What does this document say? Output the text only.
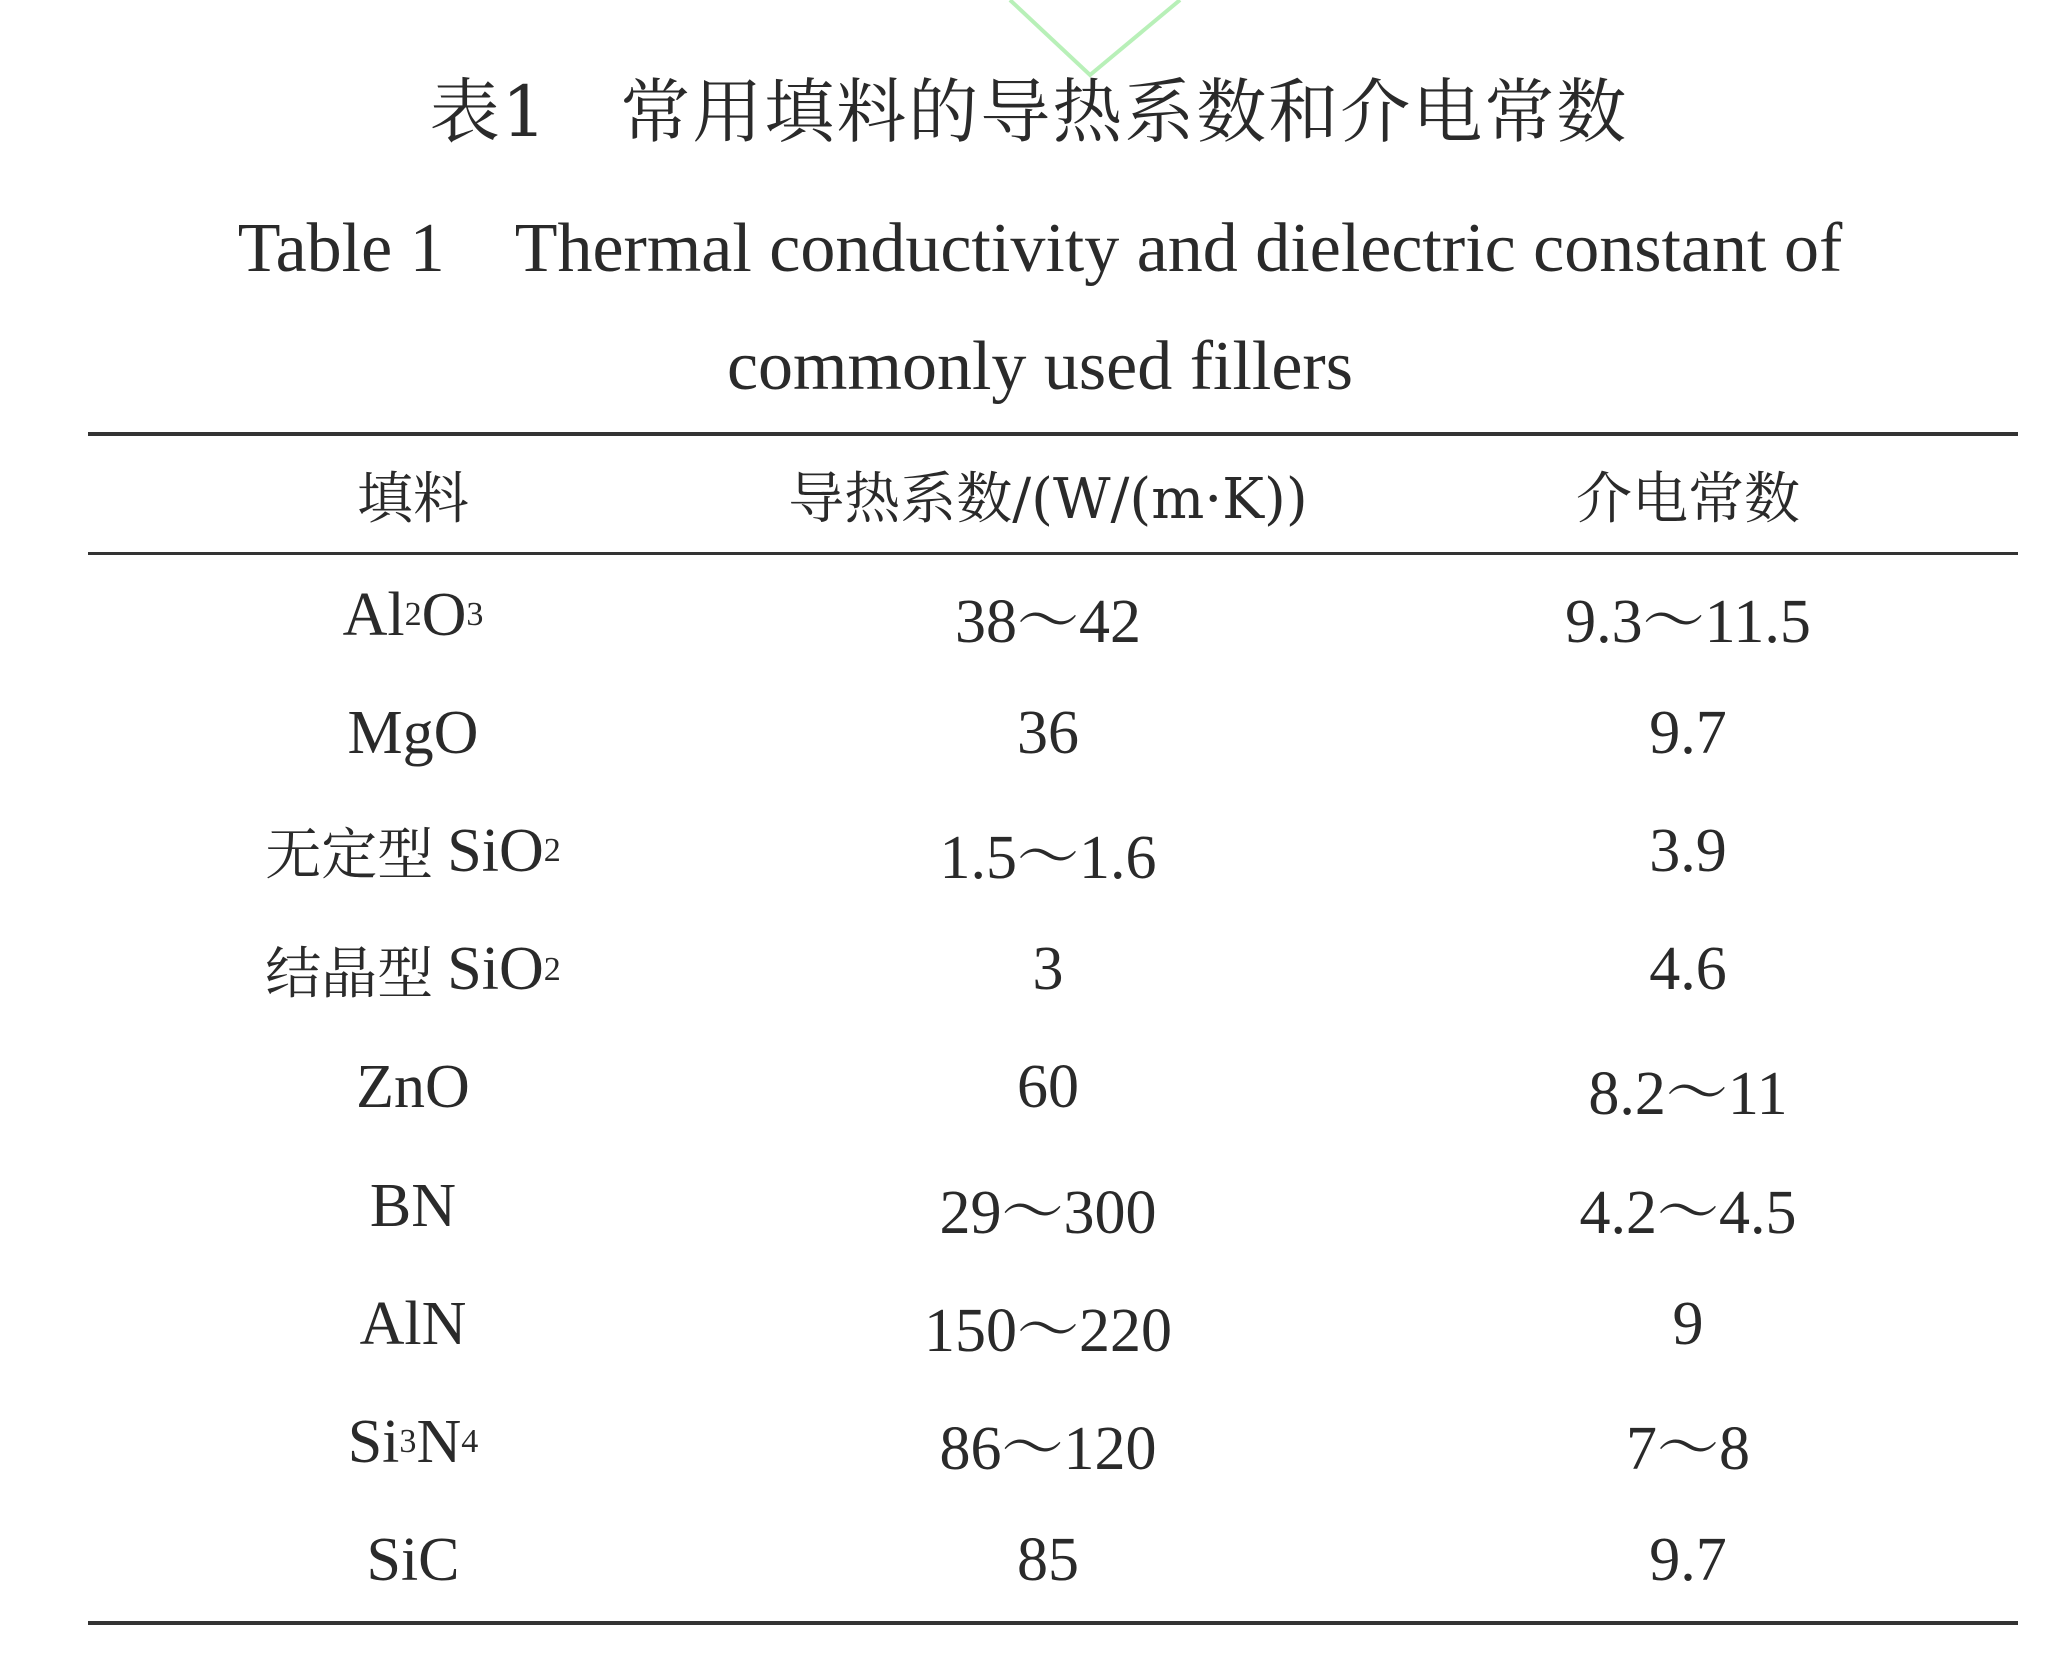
表1　常用填料的导热系数和介电常数
Table 1　Thermal conductivity and dielectric constant of commonly used fillers
填料	导热系数/(W/(m·K))	介电常数
Al 2 O 3	38～42	9.3～11.5
MgO	36	9.7
无定型 SiO 2	1.5～1.6	3.9
结晶型 SiO 2	3	4.6
ZnO	60	8.2～11
BN	29～300	4.2～4.5
AlN	150～220	9
Si 3 N 4	86～120	7～8
SiC	85	9.7
